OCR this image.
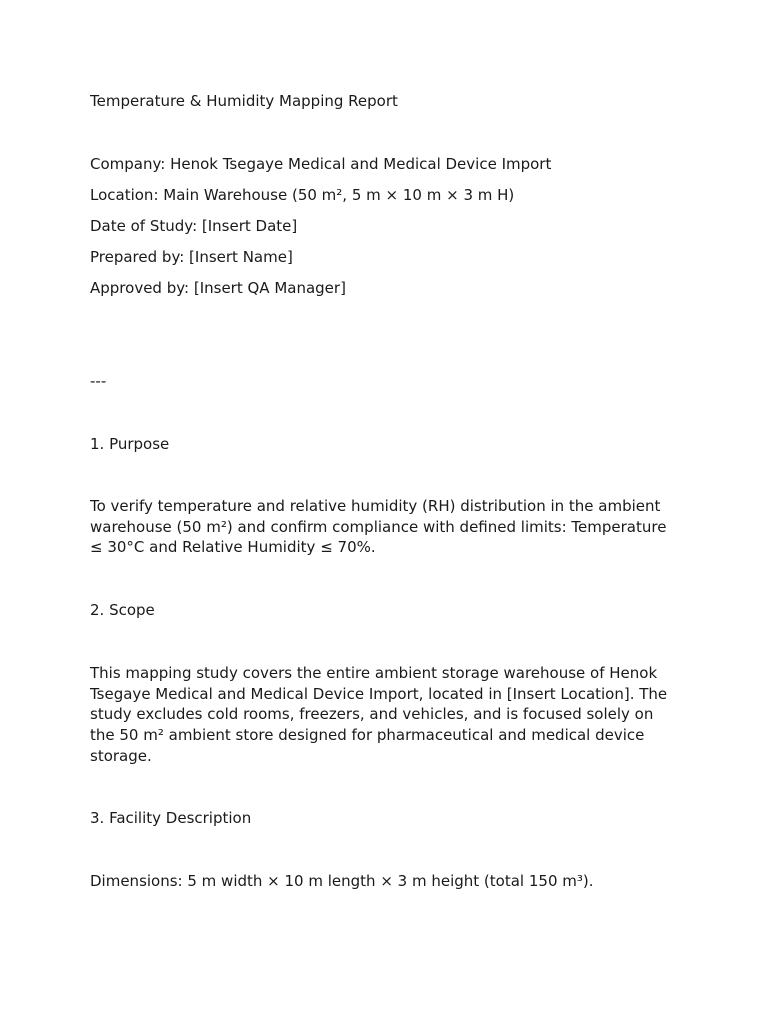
Temperature & Humidity Mapping Report
Company: Henok Tsegaye Medical and Medical Device Import
Location: Main Warehouse (50 m², 5 m × 10 m × 3 m H)
Date of Study: [Insert Date]
Prepared by: [Insert Name]
Approved by: [Insert QA Manager]
---
1. Purpose
To verify temperature and relative humidity (RH) distribution in the ambient warehouse (50 m²) and confirm compliance with defined limits: Temperature ≤ 30°C and Relative Humidity ≤ 70%.
2. Scope
This mapping study covers the entire ambient storage warehouse of Henok Tsegaye Medical and Medical Device Import, located in [Insert Location]. The study excludes cold rooms, freezers, and vehicles, and is focused solely on the 50 m² ambient store designed for pharmaceutical and medical device storage.
3. Facility Description
Dimensions: 5 m width × 10 m length × 3 m height (total 150 m³).
